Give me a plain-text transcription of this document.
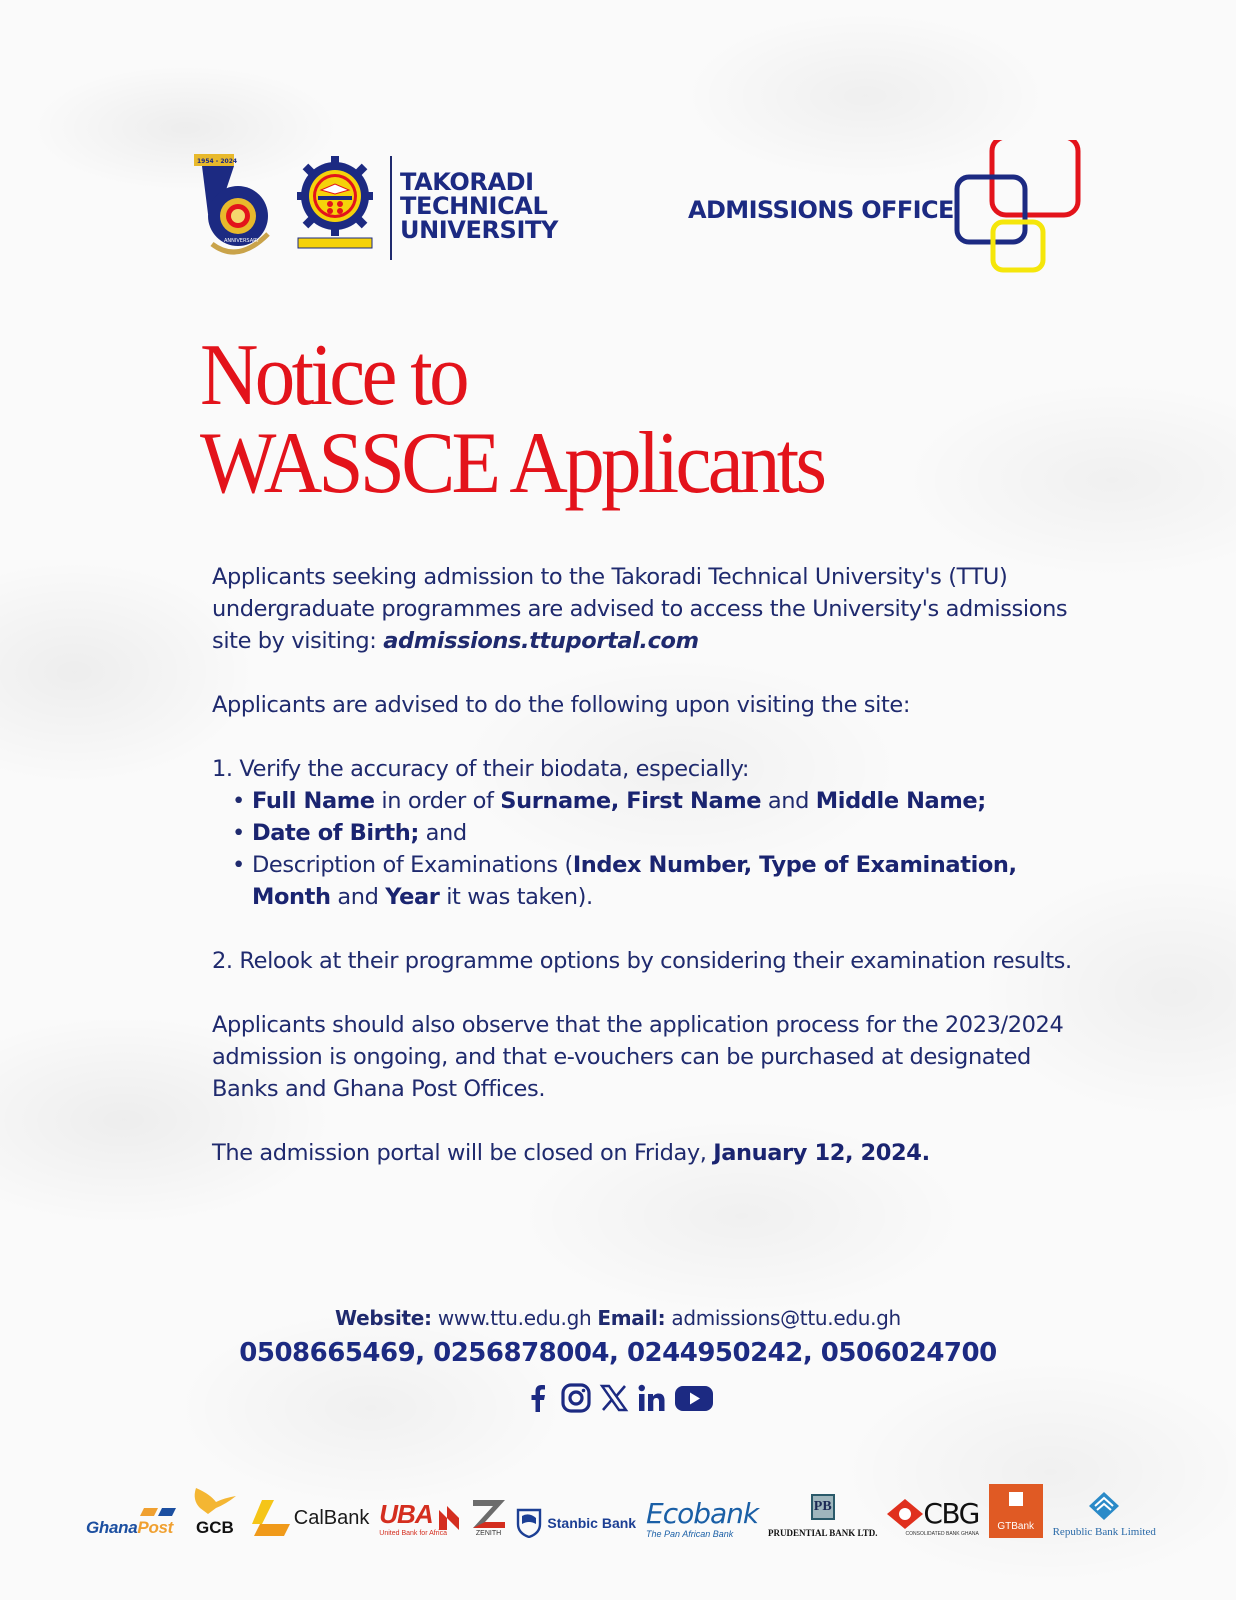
1954 - 2024
ANNIVERSARY
TAKORADI
TECHNICAL
UNIVERSITY
ADMISSIONS OFFICE
Notice to
WASSCE Applicants

Applicants seeking admission to the Takoradi Technical University's (TTU) undergraduate programmes are advised to access the University's admissions site by visiting: admissions.ttuportal.com

Applicants are advised to do the following upon visiting the site:

1. Verify the accuracy of their biodata, especially:
• Full Name in order of Surname, First Name and Middle Name;
• Date of Birth; and
• Description of Examinations (Index Number, Type of Examination, Month and Year it was taken).

2. Relook at their programme options by considering their examination results.

Applicants should also observe that the application process for the 2023/2024 admission is ongoing, and that e-vouchers can be purchased at designated Banks and Ghana Post Offices.

The admission portal will be closed on Friday, January 12, 2024.

Website: www.ttu.edu.gh Email: admissions@ttu.edu.gh
0508665469, 0256878004, 0244950242, 0506024700
GhanaPost GCB	CalBank UBA
United Bank for Africa	ZENITH
Stanbic Bank Ecobank
The Pan African Bank
PB
PRUDENTIAL BANK LTD.
CBG
CONSOLIDATED BANK GHANA
GTBank Republic Bank Limited
